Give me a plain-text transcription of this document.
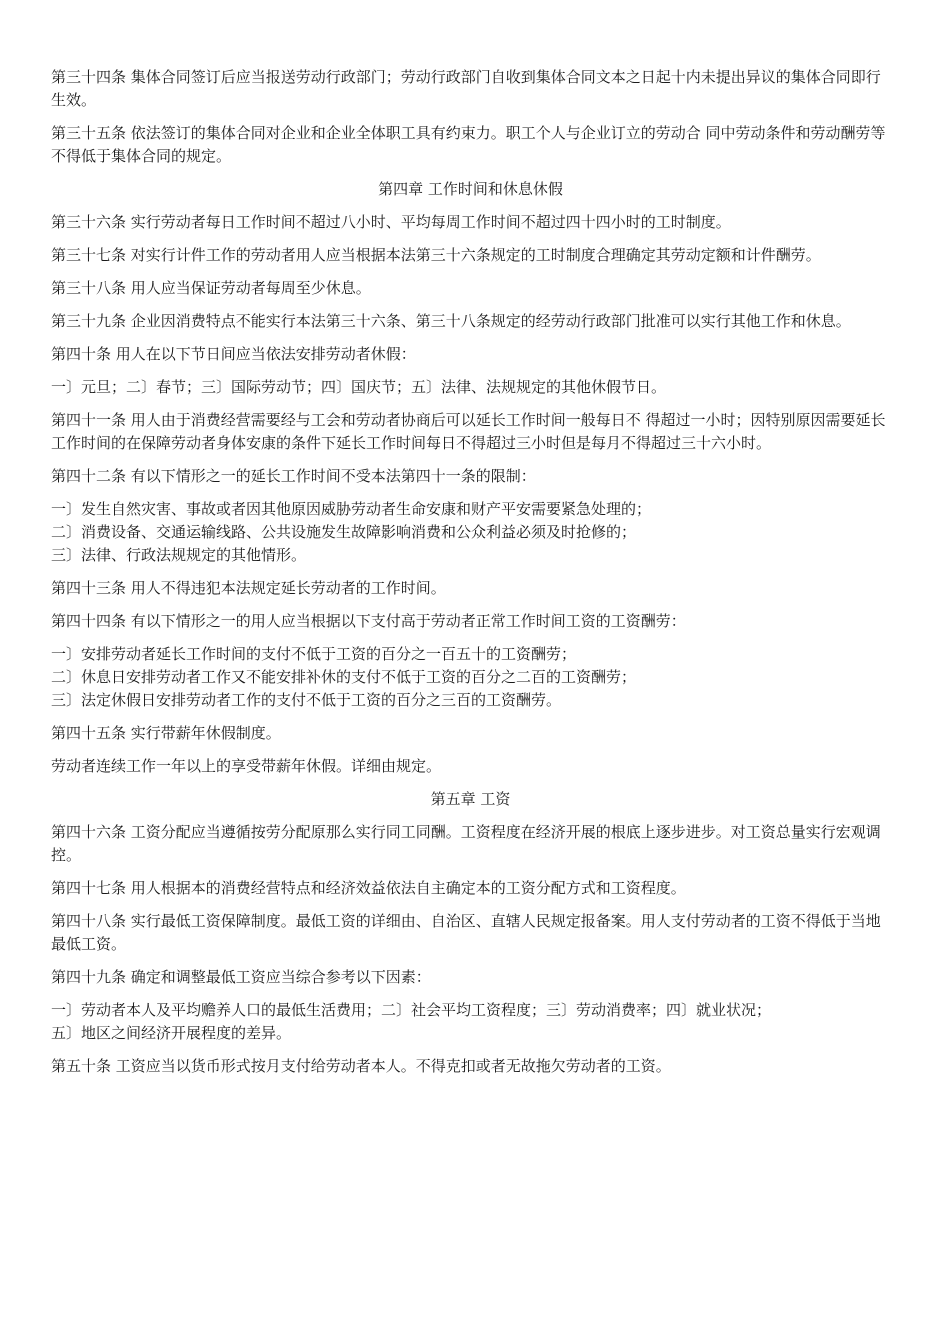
第三十四条 集体合同签订后应当报送劳动行政部门；劳动行政部门自收到集体合同文本之日起十内未提出异议的集体合同即行生效。

第三十五条 依法签订的集体合同对企业和企业全体职工具有约束力。职工个人与企业订立的劳动合 同中劳动条件和劳动酬劳等不得低于集体合同的规定。

第四章 工作时间和休息休假

第三十六条 实行劳动者每日工作时间不超过八小时、平均每周工作时间不超过四十四小时的工时制度。

第三十七条 对实行计件工作的劳动者用人应当根据本法第三十六条规定的工时制度合理确定其劳动定额和计件酬劳。

第三十八条 用人应当保证劳动者每周至少休息。

第三十九条 企业因消费特点不能实行本法第三十六条、第三十八条规定的经劳动行政部门批准可以实行其他工作和休息。

第四十条 用人在以下节日间应当依法安排劳动者休假：

一〕元旦；二〕春节；三〕国际劳动节；四〕国庆节；五〕法律、法规规定的其他休假节日。

第四十一条 用人由于消费经营需要经与工会和劳动者协商后可以延长工作时间一般每日不 得超过一小时；因特别原因需要延长工作时间的在保障劳动者身体安康的条件下延长工作时间每日不得超过三小时但是每月不得超过三十六小时。

第四十二条 有以下情形之一的延长工作时间不受本法第四十一条的限制：

一〕发生自然灾害、事故或者因其他原因威胁劳动者生命安康和财产平安需要紧急处理的；
二〕消费设备、交通运输线路、公共设施发生故障影响消费和公众利益必须及时抢修的；
三〕法律、行政法规规定的其他情形。

第四十三条 用人不得违犯本法规定延长劳动者的工作时间。

第四十四条 有以下情形之一的用人应当根据以下支付高于劳动者正常工作时间工资的工资酬劳：

一〕安排劳动者延长工作时间的支付不低于工资的百分之一百五十的工资酬劳；
二〕休息日安排劳动者工作又不能安排补休的支付不低于工资的百分之二百的工资酬劳；
三〕法定休假日安排劳动者工作的支付不低于工资的百分之三百的工资酬劳。

第四十五条 实行带薪年休假制度。

劳动者连续工作一年以上的享受带薪年休假。详细由规定。

第五章 工资

第四十六条 工资分配应当遵循按劳分配原那么实行同工同酬。工资程度在经济开展的根底上逐步进步。对工资总量实行宏观调控。

第四十七条 用人根据本的消费经营特点和经济效益依法自主确定本的工资分配方式和工资程度。

第四十八条 实行最低工资保障制度。最低工资的详细由、自治区、直辖人民规定报备案。用人支付劳动者的工资不得低于当地最低工资。

第四十九条 确定和调整最低工资应当综合参考以下因素：

一〕劳动者本人及平均赡养人口的最低生活费用；二〕社会平均工资程度；三〕劳动消费率；四〕就业状况；
五〕地区之间经济开展程度的差异。

第五十条 工资应当以货币形式按月支付给劳动者本人。不得克扣或者无故拖欠劳动者的工资。
